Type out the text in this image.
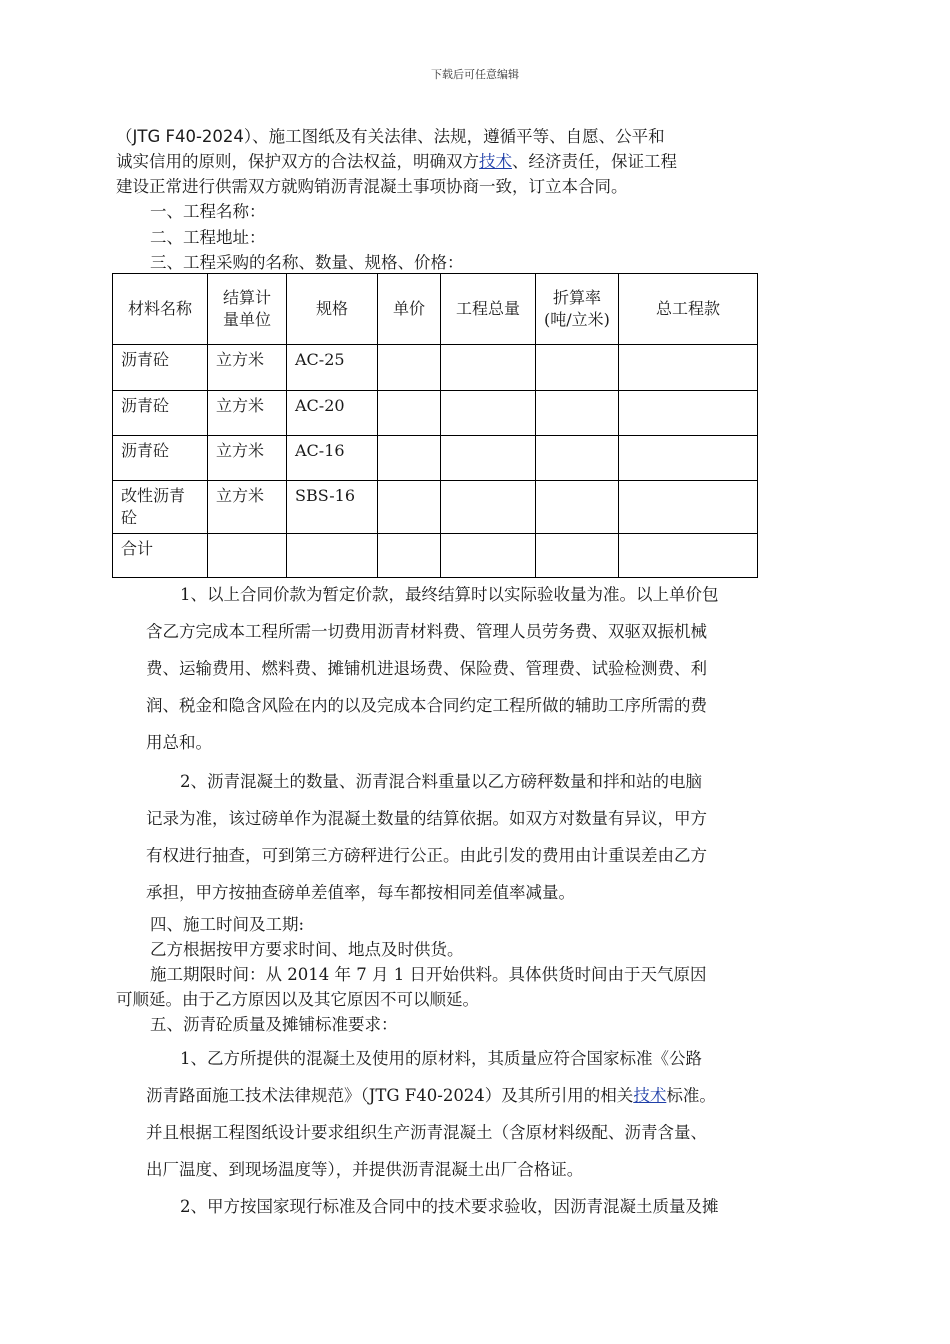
下载后可任意编辑
（JTG F40-2024）、施工图纸及有关法律、法规，遵循平等、自愿、公平和
诚实信用的原则，保护双方的合法权益，明确双方技术、经济责任，保证工程
建设正常进行供需双方就购销沥青混凝土事项协商一致，订立本合同。
一、工程名称：
二、工程地址：
三、工程采购的名称、数量、规格、价格：
材料名称	结算计量单位	规格	单价	工程总量	折算率(吨/立米)	总工程款
沥青砼	立方米	AC-25				
沥青砼	立方米	AC-20				
沥青砼	立方米	AC-16				
改性沥青砼	立方米	SBS-16				
合计						
1、以上合同价款为暂定价款，最终结算时以实际验收量为准。以上单价包
含乙方完成本工程所需一切费用沥青材料费、管理人员劳务费、双驱双振机械
费、运输费用、燃料费、摊铺机进退场费、保险费、管理费、试验检测费、利
润、税金和隐含风险在内的以及完成本合同约定工程所做的辅助工序所需的费
用总和。
2、沥青混凝土的数量、沥青混合料重量以乙方磅秤数量和拌和站的电脑
记录为准，该过磅单作为混凝土数量的结算依据。如双方对数量有异议，甲方
有权进行抽查，可到第三方磅秤进行公正。由此引发的费用由计重误差由乙方
承担，甲方按抽查磅单差值率，每车都按相同差值率减量。
四、施工时间及工期:
乙方根据按甲方要求时间、地点及时供货。
施工期限时间：从 2014 年 7 月 1 日开始供料。具体供货时间由于天气原因
可顺延。由于乙方原因以及其它原因不可以顺延。
五、沥青砼质量及摊铺标准要求：
1、乙方所提供的混凝土及使用的原材料，其质量应符合国家标准《公路
沥青路面施工技术法律规范》（JTG F40-2024）及其所引用的相关技术标准。
并且根据工程图纸设计要求组织生产沥青混凝土（含原材料级配、沥青含量、
出厂温度、到现场温度等），并提供沥青混凝土出厂合格证。
2、甲方按国家现行标准及合同中的技术要求验收，因沥青混凝土质量及摊
